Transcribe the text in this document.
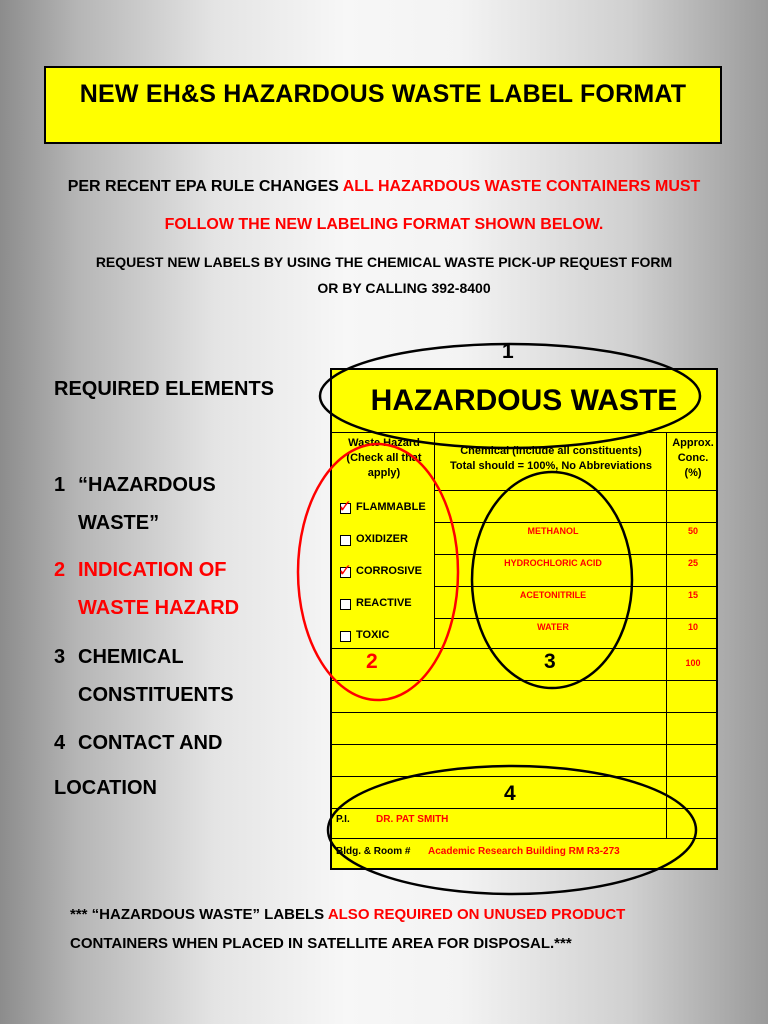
NEW EH&S HAZARDOUS WASTE LABEL FORMAT
PER RECENT EPA RULE CHANGES ALL HAZARDOUS WASTE CONTAINERS MUST
FOLLOW THE NEW LABELING FORMAT SHOWN BELOW.
REQUEST NEW LABELS BY USING THE CHEMICAL WASTE PICK-UP REQUEST FORM
OR BY CALLING 392-8400
REQUIRED ELEMENTS
1 “HAZARDOUS
WASTE”
2 INDICATION OF
WASTE HAZARD
3 CHEMICAL
CONSTITUENTS
4 CONTACT AND
LOCATION
HAZARDOUS WASTE
Waste Hazard (Check all that apply)
Chemical (include all constituents)
Total should = 100%, No Abbreviations
Approx. Conc. (%)
✓ FLAMMABLE
OXIDIZER
✓ CORROSIVE
REACTIVE
TOXIC
METHANOL	50
HYDROCHLORIC ACID	25
ACETONITRILE	15
WATER	10
100
P.I.	DR. PAT SMITH
Bldg. & Room # Academic Research Building RM R3-273
1
2	3
4
*** “HAZARDOUS WASTE” LABELS ALSO REQUIRED ON UNUSED PRODUCT
CONTAINERS WHEN PLACED IN SATELLITE AREA FOR DISPOSAL.***
